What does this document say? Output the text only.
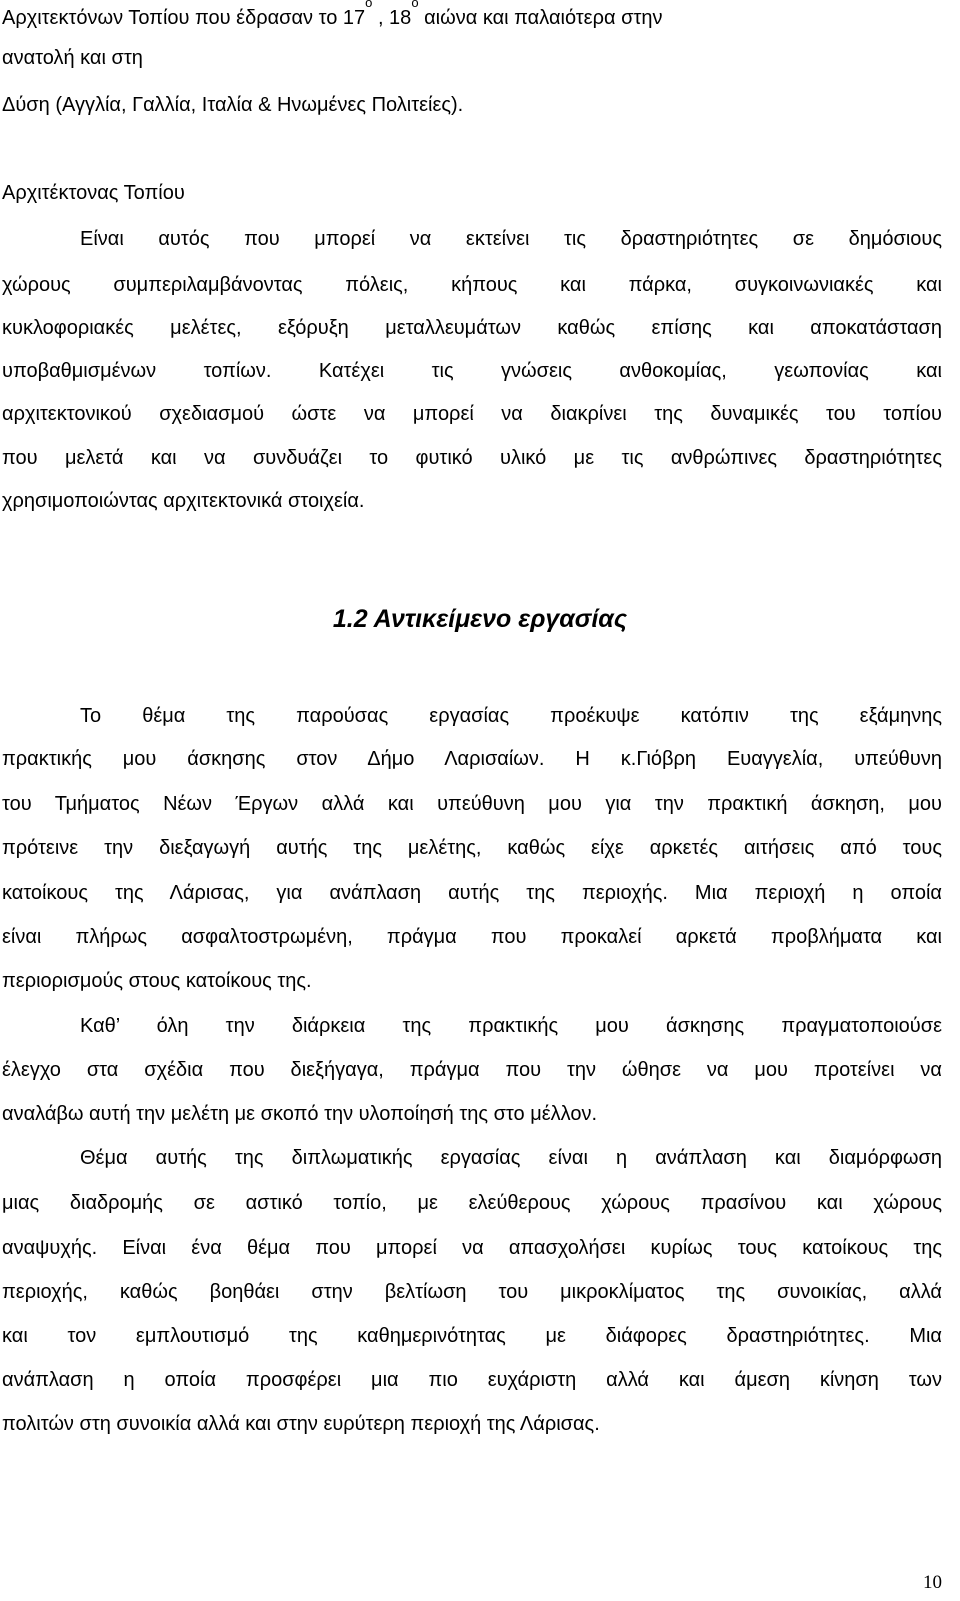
Αρχιτεκτόνων Τοπίου που έδρασαν το $17^o$ , $18^o$ αιώνα και παλαιότερα στην
ανατολή και στη
Δύση (Αγγλία, Γαλλία, Ιταλία & Ηνωμένες Πολιτείες).
Αρχιτέκτονας Τοπίου
Είναι αυτός που μπορεί να εκτείνει τις δραστηριότητες σε δημόσιους
χώρους συμπεριλαμβάνοντας πόλεις, κήπους και πάρκα, συγκοινωνιακές και
κυκλοφοριακές μελέτες, εξόρυξη μεταλλευμάτων καθώς επίσης και αποκατάσταση
υποβαθμισμένων τοπίων. Κατέχει τις γνώσεις ανθοκομίας, γεωπονίας και
αρχιτεκτονικού σχεδιασμού ώστε να μπορεί να διακρίνει της δυναμικές του τοπίου
που μελετά και να συνδυάζει το φυτικό υλικό με τις ανθρώπινες δραστηριότητες
χρησιμοποιώντας αρχιτεκτονικά στοιχεία.
1.2 Αντικείμενο εργασίας
Το θέμα της παρούσας εργασίας προέκυψε κατόπιν της εξάμηνης
πρακτικής μου άσκησης στον Δήμο Λαρισαίων. Η κ.Γιόβρη Ευαγγελία, υπεύθυνη
του Τμήματος Νέων Έργων αλλά και υπεύθυνη μου για την πρακτική άσκηση, μου
πρότεινε την διεξαγωγή αυτής της μελέτης, καθώς είχε αρκετές αιτήσεις από τους
κατοίκους της Λάρισας, για ανάπλαση αυτής της περιοχής. Μια περιοχή η οποία
είναι πλήρως ασφαλτοστρωμένη, πράγμα που προκαλεί αρκετά προβλήματα και
περιορισμούς στους κατοίκους της.
Καθ’ όλη την διάρκεια της πρακτικής μου άσκησης πραγματοποιούσε
έλεγχο στα σχέδια που διεξήγαγα, πράγμα που την ώθησε να μου προτείνει να
αναλάβω αυτή την μελέτη με σκοπό την υλοποίησή της στο μέλλον.
Θέμα αυτής της διπλωματικής εργασίας είναι η ανάπλαση και διαμόρφωση
μιας διαδρομής σε αστικό τοπίο, με ελεύθερους χώρους πρασίνου και χώρους
αναψυχής. Είναι ένα θέμα που μπορεί να απασχολήσει κυρίως τους κατοίκους της
περιοχής, καθώς βοηθάει στην βελτίωση του μικροκλίματος της συνοικίας, αλλά
και τον εμπλουτισμό της καθημερινότητας με διάφορες δραστηριότητες. Μια
ανάπλαση η οποία προσφέρει μια πιο ευχάριστη αλλά και άμεση κίνηση των
πολιτών στη συνοικία αλλά και στην ευρύτερη περιοχή της Λάρισας.
10
